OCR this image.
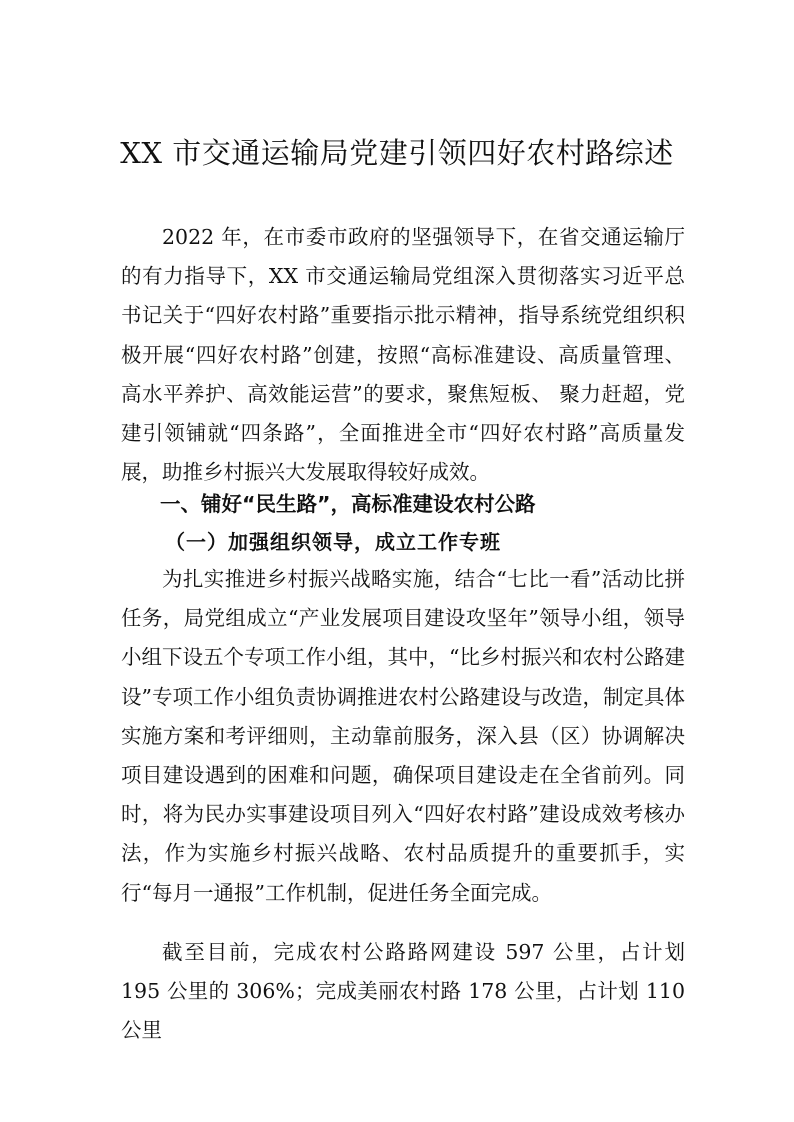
XX 市交通运输局党建引领四好农村路综述

2022 年，在市委市政府的坚强领导下，在省交通运输厅的有力指导下，XX 市交通运输局党组深入贯彻落实习近平总书记关于“四好农村路”重要指示批示精神，指导系统党组织积极开展“四好农村路”创建，按照“高标准建设、高质量管理、高水平养护、高效能运营”的要求，聚焦短板、 聚力赶超，党建引领铺就“四条路”，全面推进全市“四好农村路”高质量发展，助推乡村振兴大发展取得较好成效。

一、铺好“民生路”，高标准建设农村公路
（一）加强组织领导，成立工作专班

为扎实推进乡村振兴战略实施，结合“七比一看”活动比拼任务，局党组成立“产业发展项目建设攻坚年”领导小组，领导小组下设五个专项工作小组，其中，“比乡村振兴和农村公路建设”专项工作小组负责协调推进农村公路建设与改造，制定具体实施方案和考评细则，主动靠前服务，深入县（区）协调解决项目建设遇到的困难和问题，确保项目建设走在全省前列。同时，将为民办实事建设项目列入“四好农村路”建设成效考核办法，作为实施乡村振兴战略、农村品质提升的重要抓手，实行“每月一通报”工作机制，促进任务全面完成。

截至目前，完成农村公路路网建设 597 公里，占计划 195 公里的 306%；完成美丽农村路 178 公里，占计划 110 公里
